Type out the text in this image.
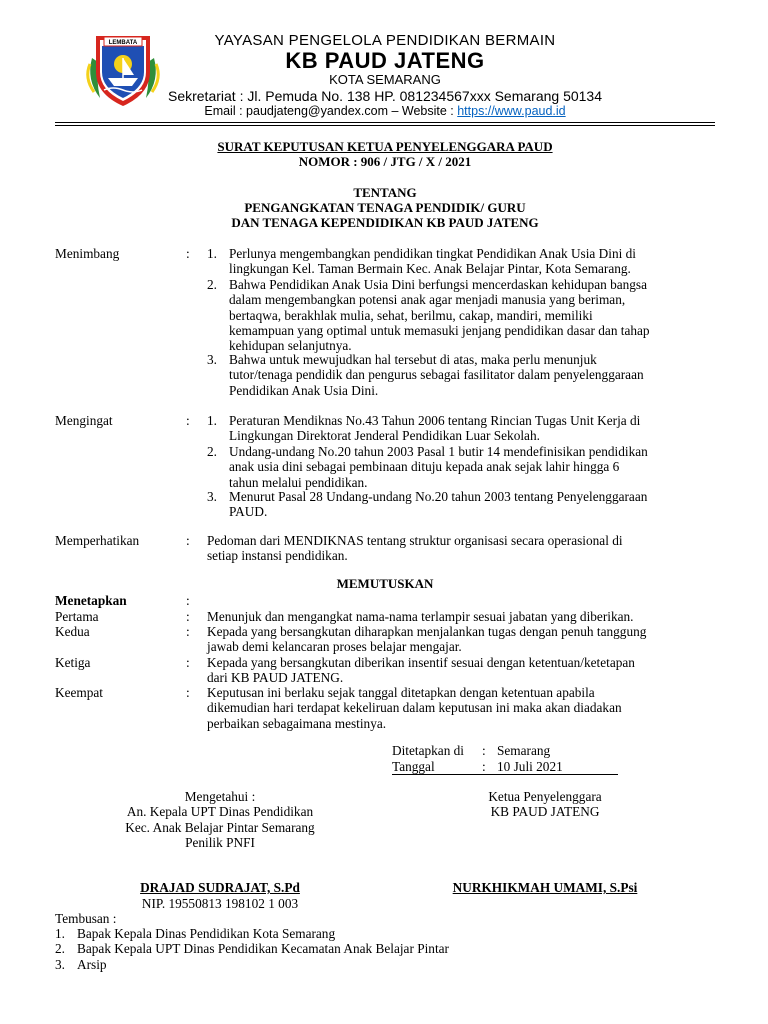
LEMBATA	YAYASAN PENGELOLA PENDIDIKAN BERMAIN
KB PAUD JATENG
KOTA SEMARANG
Sekretariat : Jl. Pemuda No. 138 HP. 081234567xxx Semarang 50134
Email : paudjateng@yandex.com – Website : https://www.paud.id
SURAT KEPUTUSAN KETUA PENYELENGGARA PAUD
NOMOR : 906 / JTG / X / 2021
TENTANG
PENGANGKATAN TENAGA PENDIDIK/ GURU
DAN TENAGA KEPENDIDIKAN KB PAUD JATENG
Menimbang	: 1. Perlunya mengembangkan pendidikan tingkat Pendidikan Anak Usia Dini di
lingkungan Kel. Taman Bermain Kec. Anak Belajar Pintar, Kota Semarang.
2. Bahwa Pendidikan Anak Usia Dini berfungsi mencerdaskan kehidupan bangsa
dalam mengembangkan potensi anak agar menjadi manusia yang beriman,
bertaqwa, berakhlak mulia, sehat, berilmu, cakap, mandiri, memiliki
kemampuan yang optimal untuk memasuki jenjang pendidikan dasar dan tahap
kehidupan selanjutnya.
3. Bahwa untuk mewujudkan hal tersebut di atas, maka perlu menunjuk
tutor/tenaga pendidik dan pengurus sebagai fasilitator dalam penyelenggaraan
Pendidikan Anak Usia Dini.
Mengingat	: 1. Peraturan Mendiknas No.43 Tahun 2006 tentang Rincian Tugas Unit Kerja di
Lingkungan Direktorat Jenderal Pendidikan Luar Sekolah.
2. Undang-undang No.20 tahun 2003 Pasal 1 butir 14 mendefinisikan pendidikan
anak usia dini sebagai pembinaan dituju kepada anak sejak lahir hingga 6
tahun melalui pendidikan.
3. Menurut Pasal 28 Undang-undang No.20 tahun 2003 tentang Penyelenggaraan
PAUD.
Memperhatikan	: Pedoman dari MENDIKNAS tentang struktur organisasi secara operasional di
setiap instansi pendidikan.
MEMUTUSKAN
Menetapkan	:
Pertama	: Menunjuk dan mengangkat nama-nama terlampir sesuai jabatan yang diberikan.
Kedua	: Kepada yang bersangkutan diharapkan menjalankan tugas dengan penuh tanggung
jawab demi kelancaran proses belajar mengajar.
Ketiga	: Kepada yang bersangkutan diberikan insentif sesuai dengan ketentuan/ketetapan
dari KB PAUD JATENG.
Keempat	: Keputusan ini berlaku sejak tanggal ditetapkan dengan ketentuan apabila
dikemudian hari terdapat kekeliruan dalam keputusan ini maka akan diadakan
perbaikan sebagaimana mestinya.
Ditetapkan di : Semarang
Tanggal	: 10 Juli 2021
Mengetahui :
An. Kepala UPT Dinas Pendidikan
Kec. Anak Belajar Pintar Semarang
Penilik PNFI
Ketua Penyelenggara
KB PAUD JATENG
DRAJAD SUDRAJAT, S.Pd
NIP. 19550813 198102 1 003
NURKHIKMAH UMAMI, S.Psi
Tembusan :
1. Bapak Kepala Dinas Pendidikan Kota Semarang
2. Bapak Kepala UPT Dinas Pendidikan Kecamatan Anak Belajar Pintar
3. Arsip
